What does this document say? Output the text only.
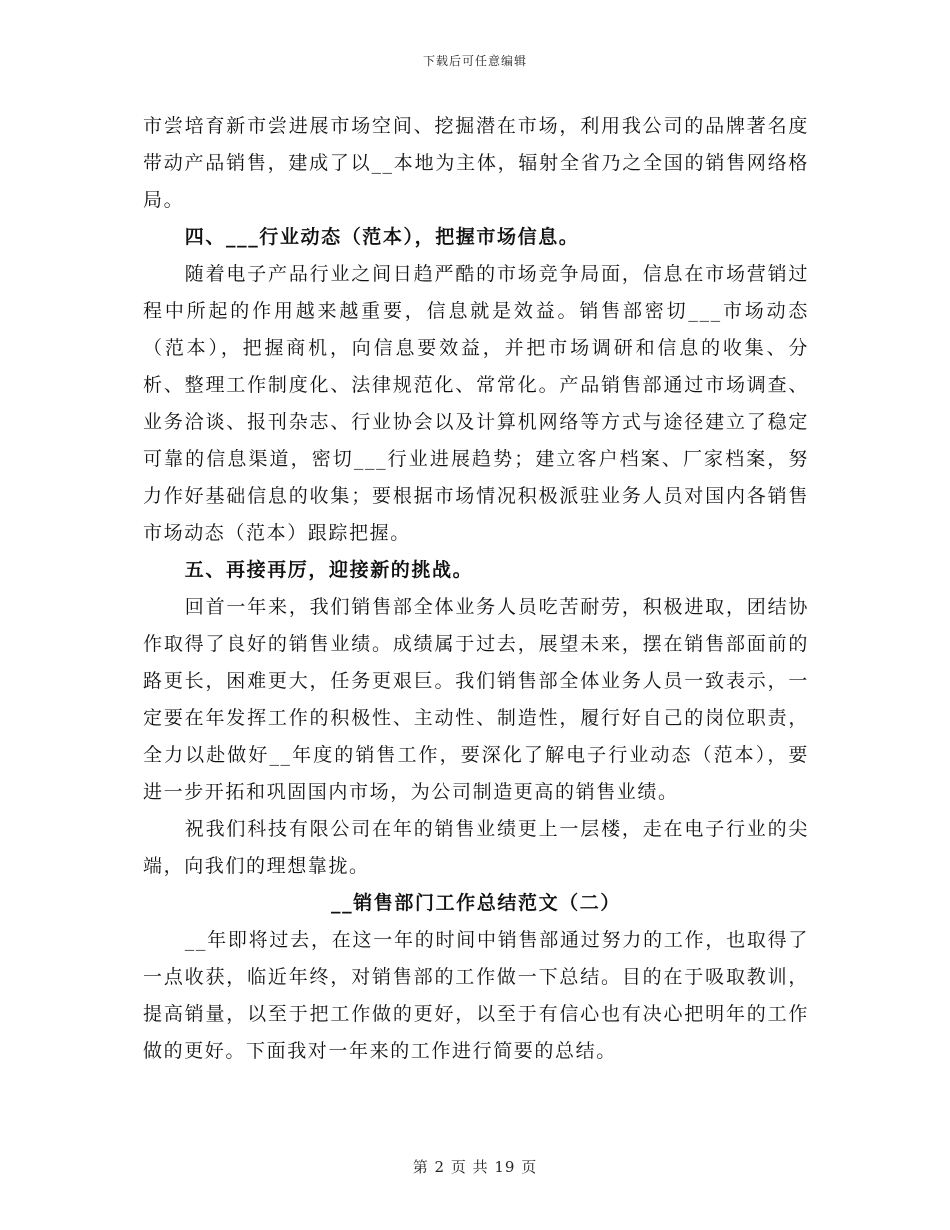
下载后可任意编辑

市尝培育新市尝进展市场空间、挖掘潜在市场，利用我公司的品牌著名度带动产品销售，建成了以__本地为主体，辐射全省乃之全国的销售网络格局。

四、___行业动态（范本），把握市场信息。

随着电子产品行业之间日趋严酷的市场竞争局面，信息在市场营销过程中所起的作用越来越重要，信息就是效益。销售部密切___市场动态（范本），把握商机，向信息要效益，并把市场调研和信息的收集、分析、整理工作制度化、法律规范化、常常化。产品销售部通过市场调查、业务洽谈、报刊杂志、行业协会以及计算机网络等方式与途径建立了稳定可靠的信息渠道，密切___行业进展趋势；建立客户档案、厂家档案，努力作好基础信息的收集；要根据市场情况积极派驻业务人员对国内各销售市场动态（范本）跟踪把握。

五、再接再厉，迎接新的挑战。

回首一年来，我们销售部全体业务人员吃苦耐劳，积极进取，团结协作取得了良好的销售业绩。成绩属于过去，展望未来，摆在销售部面前的路更长，困难更大，任务更艰巨。我们销售部全体业务人员一致表示，一定要在年发挥工作的积极性、主动性、制造性，履行好自己的岗位职责，全力以赴做好__年度的销售工作，要深化了解电子行业动态（范本），要进一步开拓和巩固国内市场，为公司制造更高的销售业绩。

祝我们科技有限公司在年的销售业绩更上一层楼，走在电子行业的尖端，向我们的理想靠拢。

__销售部门工作总结范文（二）

__年即将过去，在这一年的时间中销售部通过努力的工作，也取得了一点收获，临近年终，对销售部的工作做一下总结。目的在于吸取教训，提高销量，以至于把工作做的更好，以至于有信心也有决心把明年的工作做的更好。下面我对一年来的工作进行简要的总结。

第 2 页 共 19 页
